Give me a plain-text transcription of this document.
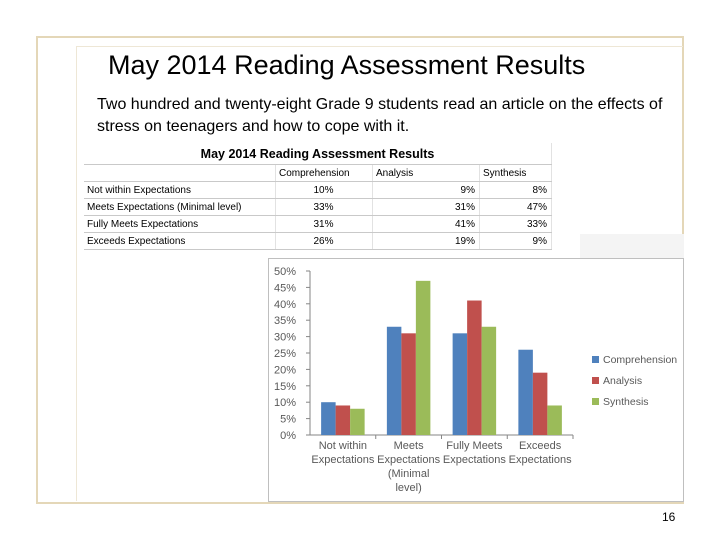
May 2014 Reading Assessment Results
Two hundred and twenty-eight Grade 9 students read an article on the effects of stress on teenagers and how to cope with it.
May 2014 Reading Assessment Results			
	Comprehension	Analysis	Synthesis
Not within Expectations	10%	9%	8%
Meets Expectations (Minimal level)	33%	31%	47%
Fully Meets Expectations	31%	41%	33%
Exceeds Expectations	26%	19%	9%
0%
5%
10%
15%
20%
25%
30%
35%
40%
45%
50%
Not within
Expectations
Meets
Expectations
(Minimal
level)
Fully Meets
Expectations
Exceeds
Expectations
Comprehension
Analysis
Synthesis
16
